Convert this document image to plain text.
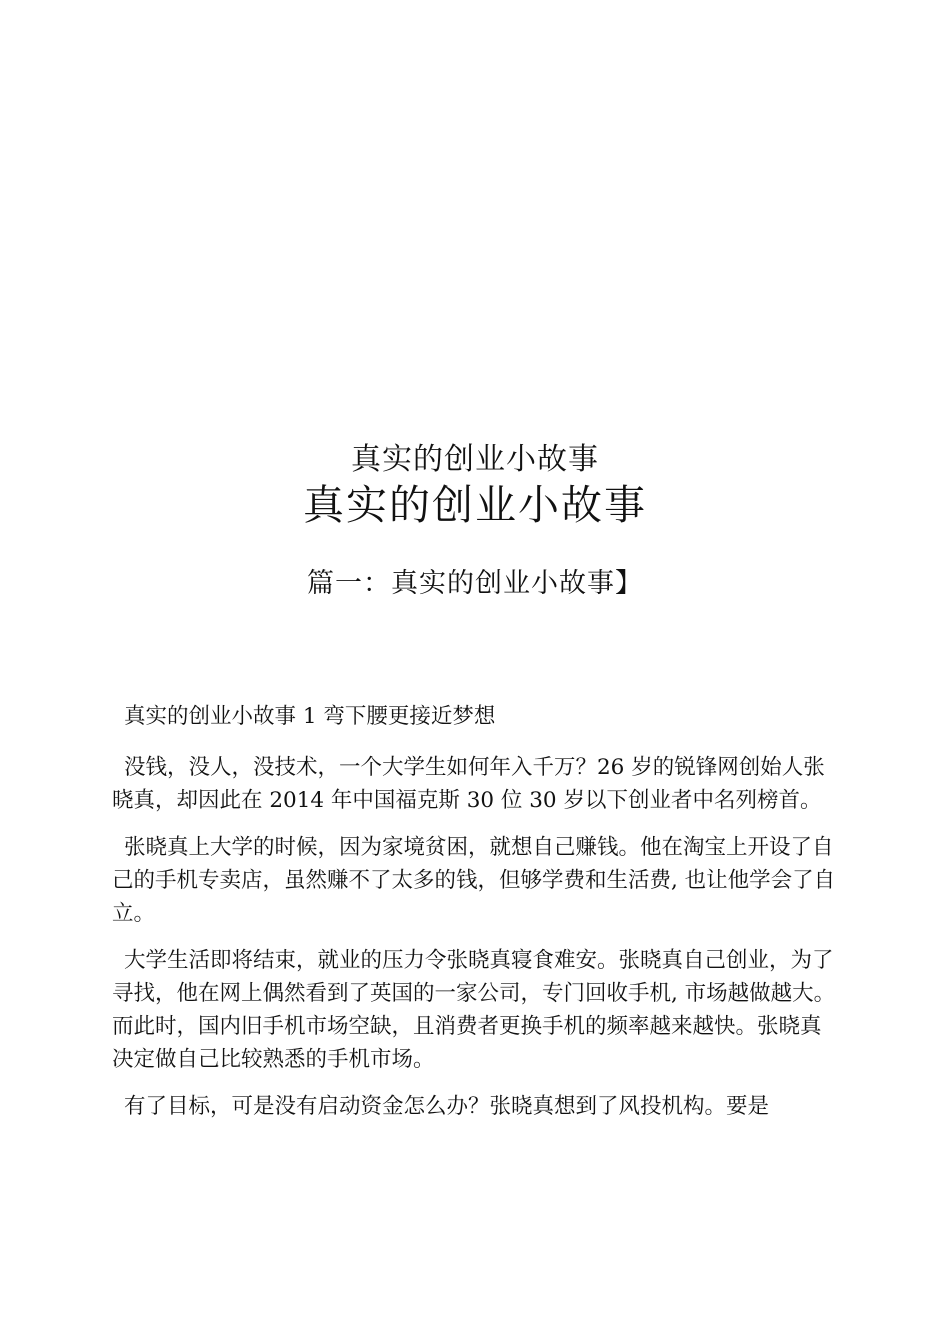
真实的创业小故事
真实的创业小故事
篇一：真实的创业小故事】

真实的创业小故事 1 弯下腰更接近梦想

没钱，没人，没技术，一个大学生如何年入千万？26 岁的锐锋网创始人张晓真，却因此在 2014 年中国福克斯 30 位 30 岁以下创业者中名列榜首。

张晓真上大学的时候，因为家境贫困，就想自己赚钱。他在淘宝上开设了自己的手机专卖店，虽然赚不了太多的钱，但够学费和生活费, 也让他学会了自立。

大学生活即将结束，就业的压力令张晓真寝食难安。张晓真自己创业，为了寻找，他在网上偶然看到了英国的一家公司，专门回收手机, 市场越做越大。而此时，国内旧手机市场空缺，且消费者更换手机的频率越来越快。张晓真决定做自己比较熟悉的手机市场。

有了目标，可是没有启动资金怎么办？张晓真想到了风投机构。要是
